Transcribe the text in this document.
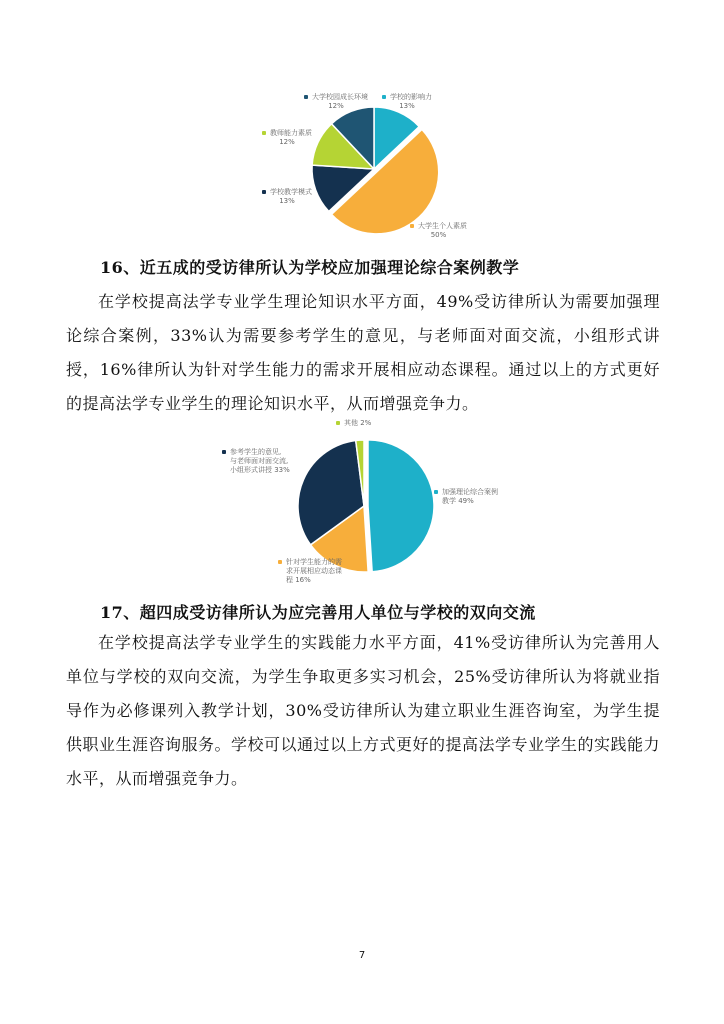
学校的影响力
13%
大学生个人素质
50%
学校教学模式
13%
教师能力素质
12%
大学校园成长环境
12%
16、近五成的受访律所认为学校应加强理论综合案例教学

在学校提高法学专业学生理论知识水平方面，49%受访律所认为需要加强理论综合案例，33%认为需要参考学生的意见，与老师面对面交流，小组形式讲授，16%律所认为针对学生能力的需求开展相应动态课程。通过以上的方式更好的提高法学专业学生的理论知识水平，从而增强竞争力。

其他 2%
加强理论综合案例
教学 49%
参考学生的意见,
与老师面对面交流,
小组形式讲授 33%
针对学生能力的需
求开展相应动态课
程 16%
17、超四成受访律所认为应完善用人单位与学校的双向交流

在学校提高法学专业学生的实践能力水平方面，41%受访律所认为完善用人单位与学校的双向交流，为学生争取更多实习机会，25%受访律所认为将就业指导作为必修课列入教学计划，30%受访律所认为建立职业生涯咨询室，为学生提供职业生涯咨询服务。学校可以通过以上方式更好的提高法学专业学生的实践能力水平，从而增强竞争力。

7
